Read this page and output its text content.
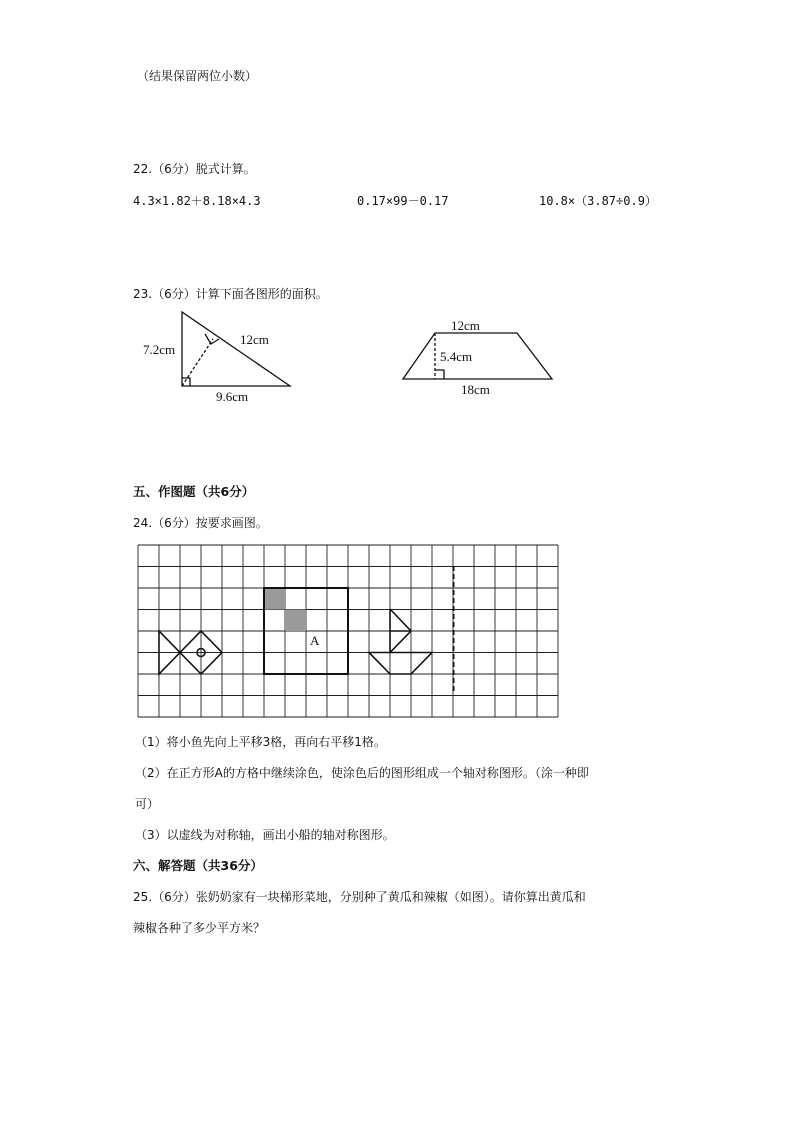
（结果保留两位小数）
22.（6分）脱式计算。
4.3×1.82＋8.18×4.3	0.17×99－0.17	10.8×（3.87÷0.9）
23.（6分）计算下面各图形的面积。
7.2cm
12cm
9.6cm
12cm
5.4cm
18cm
五、作图题（共6分）
24.（6分）按要求画图。
A
（1）将小鱼先向上平移3格，再向右平移1格。
（2）在正方形A的方格中继续涂色，使涂色后的图形组成一个轴对称图形。（涂一种即
可）
（3）以虚线为对称轴，画出小船的轴对称图形。
六、解答题（共36分）
25.（6分）张奶奶家有一块梯形菜地，分别种了黄瓜和辣椒（如图）。请你算出黄瓜和
辣椒各种了多少平方米？
